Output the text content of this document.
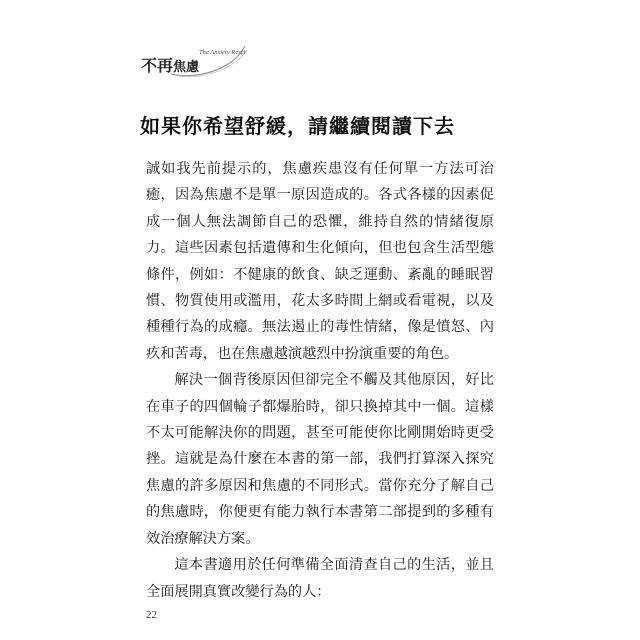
不再焦慮
The Anxiety Reset
如果你希望舒緩，請繼續閱讀下去

誠如我先前提示的，焦慮疾患沒有任何單一方法可治癒，因為焦慮不是單一原因造成的。各式各樣的因素促成一個人無法調節自己的恐懼，維持自然的情緒復原力。這些因素包括遺傳和生化傾向，但也包含生活型態條件，例如：不健康的飲食、缺乏運動、紊亂的睡眠習慣、物質使用或濫用，花太多時間上網或看電視，以及種種行為的成癮。無法遏止的毒性情緒，像是憤怒、內疚和苦毒，也在焦慮越演越烈中扮演重要的角色。

解決一個背後原因但卻完全不觸及其他原因，好比在車子的四個輪子都爆胎時，卻只換掉其中一個。這樣不太可能解決你的問題，甚至可能使你比剛開始時更受挫。這就是為什麼在本書的第一部，我們打算深入探究焦慮的許多原因和焦慮的不同形式。當你充分了解自己的焦慮時，你便更有能力執行本書第二部提到的多種有效治療解決方案。

這本書適用於任何準備全面清查自己的生活，並且全面展開真實改變行為的人：

22
